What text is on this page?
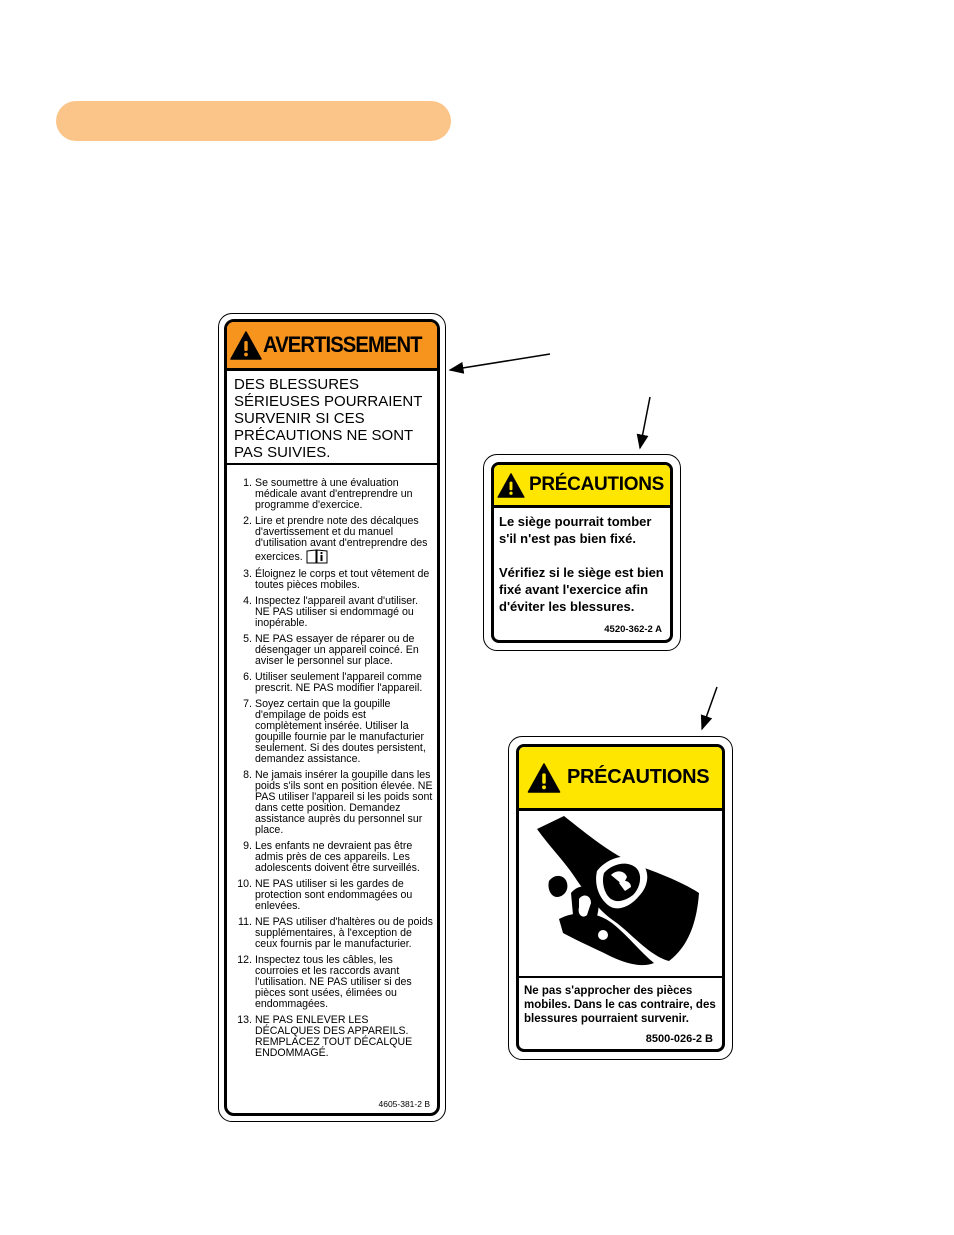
AVERTISSEMENT
DES BLESSURES
SÉRIEUSES POURRAIENT
SURVENIR SI CES
PRÉCAUTIONS NE SONT
PAS SUIVIES.
1. Se soumettre à une évaluation médicale avant d'entreprendre un programme d'exercice.
2. Lire et prendre note des décalques d'avertissement et du manuel d'utilisation avant d'entreprendre des exercices.
3. Éloignez le corps et tout vêtement de toutes pièces mobiles.
4. Inspectez l'appareil avant d'utiliser. NE PAS utiliser si endommagé ou inopérable.
5. NE PAS essayer de réparer ou de désengager un appareil coincé. En aviser le personnel sur place.
6. Utiliser seulement l'appareil comme prescrit. NE PAS modifier l'appareil.
7. Soyez certain que la goupille d'empilage de poids est complètement insérée. Utiliser la goupille fournie par le manufacturier seulement. Si des doutes persistent, demandez assistance.
8. Ne jamais insérer la goupille dans les poids s'ils sont en position élevée. NE PAS utiliser l'appareil si les poids sont dans cette position. Demandez assistance auprès du personnel sur place.
9. Les enfants ne devraient pas être admis près de ces appareils. Les adolescents doivent être surveillés.
10. NE PAS utiliser si les gardes de protection sont endommagées ou enlevées.
11. NE PAS utiliser d'haltères ou de poids supplémentaires, à l'exception de ceux fournis par le manufacturier.
12. Inspectez tous les câbles, les courroies et les raccords avant l'utilisation. NE PAS utiliser si des pièces sont usées, élimées ou endommagées.
13. NE PAS ENLEVER LES DÉCALQUES DES APPAREILS. REMPLACEZ TOUT DÉCALQUE ENDOMMAGÉ.
4605-381-2 B
PRÉCAUTIONS

Le siège pourrait tomber s'il n'est pas bien fixé.

Vérifiez si le siège est bien fixé avant l'exercice afin d'éviter les blessures.

4520-362-2 A
PRÉCAUTIONS
Ne pas s'approcher des pièces mobiles. Dans le cas contraire, des blessures pourraient survenir.
8500-026-2 B
